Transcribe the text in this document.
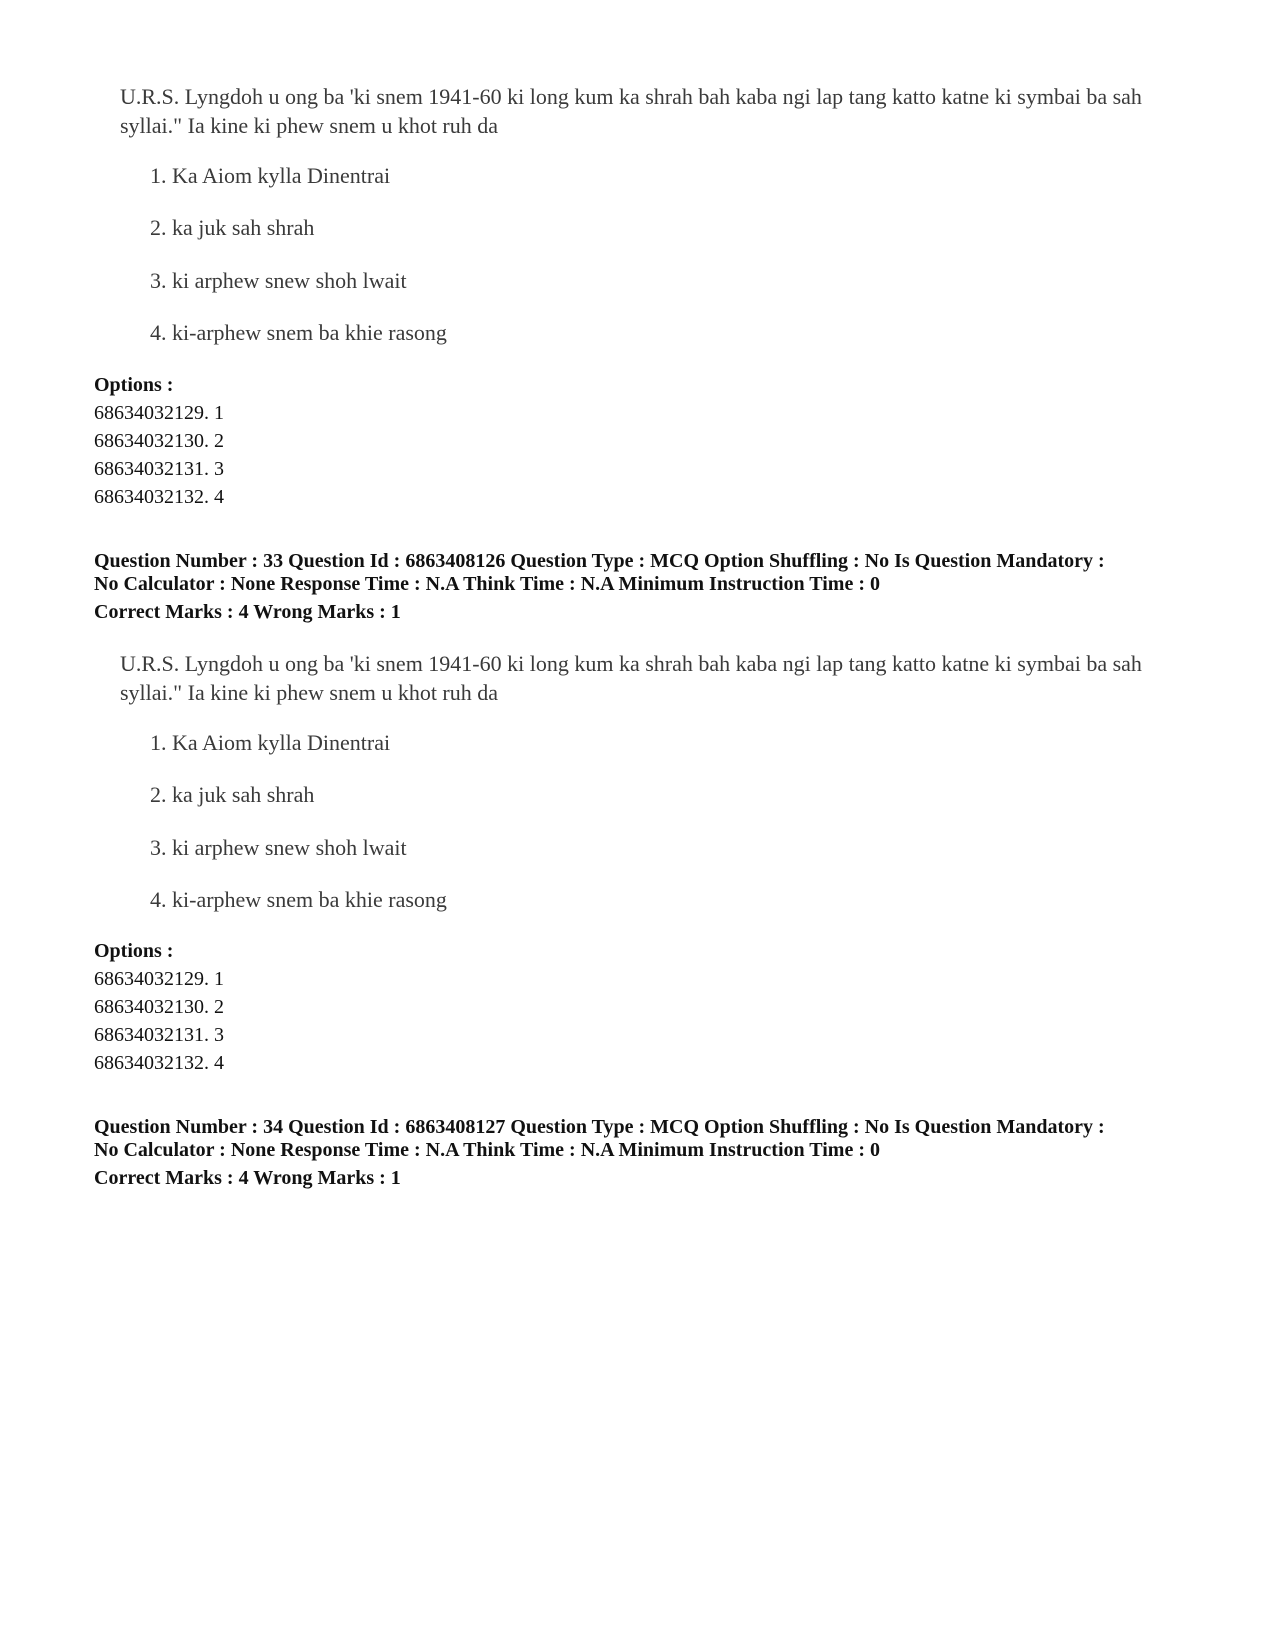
U.R.S. Lyngdoh u ong ba 'ki snem 1941-60 ki long kum ka shrah bah kaba ngi lap tang katto katne ki symbai ba sah syllai." Ia kine ki phew snem u khot ruh da
1. Ka Aiom kylla Dinentrai
2. ka juk sah shrah
3. ki arphew snew shoh lwait
4. ki-arphew snem ba khie rasong
Options :
68634032129. 1
68634032130. 2
68634032131. 3
68634032132. 4
Question Number : 33 Question Id : 6863408126 Question Type : MCQ Option Shuffling : No Is Question Mandatory :
No Calculator : None Response Time : N.A Think Time : N.A Minimum Instruction Time : 0
Correct Marks : 4 Wrong Marks : 1
U.R.S. Lyngdoh u ong ba 'ki snem 1941-60 ki long kum ka shrah bah kaba ngi lap tang katto katne ki symbai ba sah syllai." Ia kine ki phew snem u khot ruh da
1. Ka Aiom kylla Dinentrai
2. ka juk sah shrah
3. ki arphew snew shoh lwait
4. ki-arphew snem ba khie rasong
Options :
68634032129. 1
68634032130. 2
68634032131. 3
68634032132. 4
Question Number : 34 Question Id : 6863408127 Question Type : MCQ Option Shuffling : No Is Question Mandatory :
No Calculator : None Response Time : N.A Think Time : N.A Minimum Instruction Time : 0
Correct Marks : 4 Wrong Marks : 1
